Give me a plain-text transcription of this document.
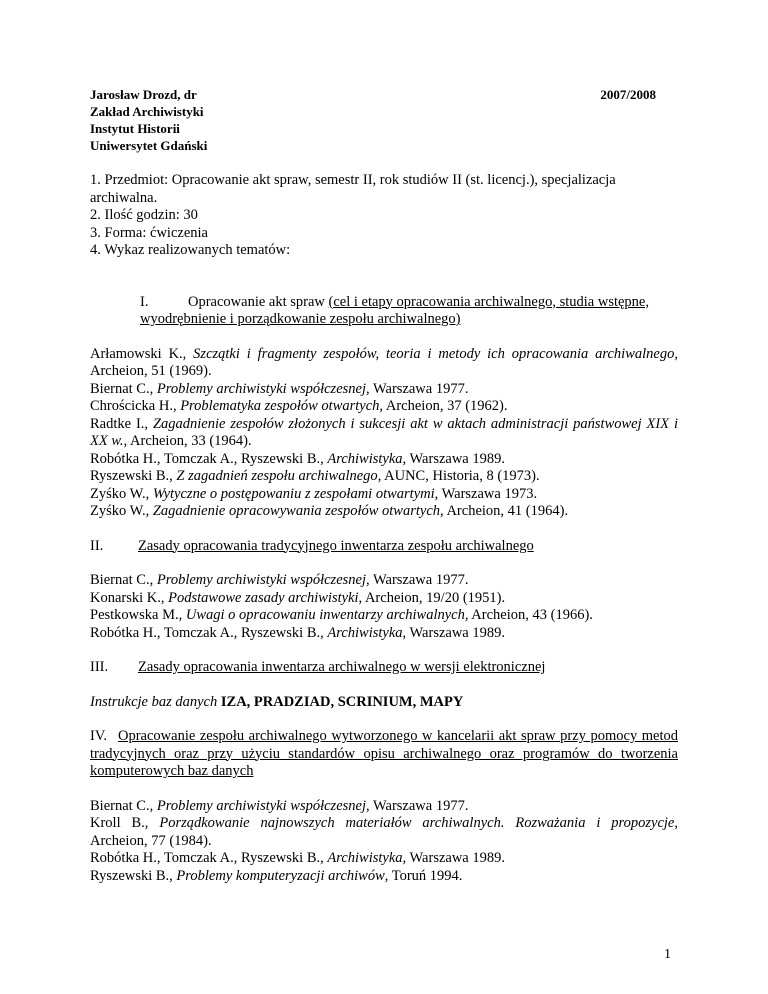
Jarosław Drozd, dr
Zakład Archiwistyki
Instytut Historii
Uniwersytet Gdański
2007/2008

1. Przedmiot: Opracowanie akt spraw, semestr II, rok studiów II (st. licencj.), specjalizacja

archiwalna.

2. Ilość godzin: 30

3. Forma: ćwiczenia

4. Wykaz realizowanych tematów:

I.	Opracowanie akt spraw (cel i etapy opracowania archiwalnego, studia wstępne,

wyodrębnienie i porządkowanie zespołu archiwalnego)

Arłamowski K., Szczątki i fragmenty zespołów, teoria i metody ich opracowania archiwalnego, Archeion, 51 (1969).

Biernat C., Problemy archiwistyki współczesnej, Warszawa 1977.

Chrościcka H., Problematyka zespołów otwartych, Archeion, 37 (1962).

Radtke I., Zagadnienie zespołów złożonych i sukcesji akt w aktach administracji państwowej XIX i XX w., Archeion, 33 (1964).

Robótka H., Tomczak A., Ryszewski B., Archiwistyka, Warszawa 1989.

Ryszewski B., Z zagadnień zespołu archiwalnego, AUNC, Historia, 8 (1973).

Zyśko W., Wytyczne o postępowaniu z zespołami otwartymi, Warszawa 1973.

Zyśko W., Zagadnienie opracowywania zespołów otwartych, Archeion, 41 (1964).

II. Zasady opracowania tradycyjnego inwentarza zespołu archiwalnego

Biernat C., Problemy archiwistyki współczesnej, Warszawa 1977.

Konarski K., Podstawowe zasady archiwistyki, Archeion, 19/20 (1951).

Pestkowska M., Uwagi o opracowaniu inwentarzy archiwalnych, Archeion, 43 (1966).

Robótka H., Tomczak A., Ryszewski B., Archiwistyka, Warszawa 1989.

III. Zasady opracowania inwentarza archiwalnego w wersji elektronicznej

Instrukcje baz danych IZA, PRADZIAD, SCRINIUM, MAPY

IV. Opracowanie zespołu archiwalnego wytworzonego w kancelarii akt spraw przy pomocy metod tradycyjnych oraz przy użyciu standardów opisu archiwalnego oraz programów do tworzenia komputerowych baz danych

Biernat C., Problemy archiwistyki współczesnej, Warszawa 1977.

Kroll B., Porządkowanie najnowszych materiałów archiwalnych. Rozważania i propozycje, Archeion, 77 (1984).

Robótka H., Tomczak A., Ryszewski B., Archiwistyka, Warszawa 1989.

Ryszewski B., Problemy komputeryzacji archiwów, Toruń 1994.

1
